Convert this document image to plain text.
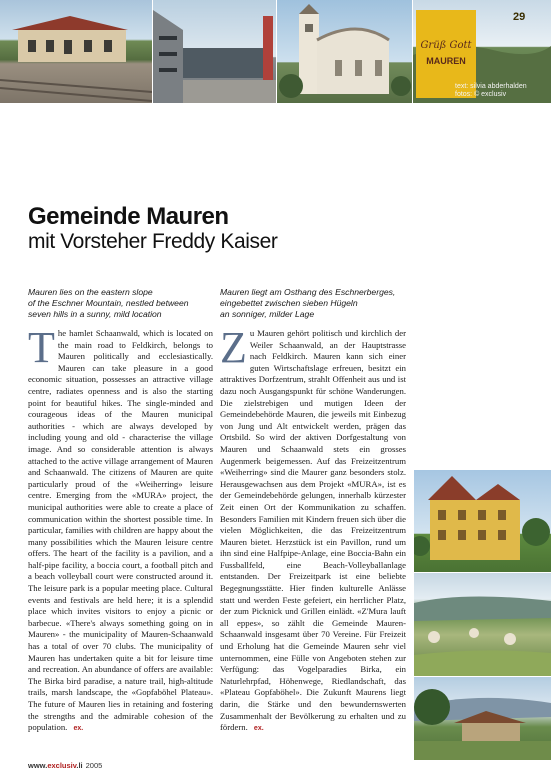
Grüß Gott
MAUREN
29
text: silvia abderhalden
fotos: © exclusiv
Gemeinde Mauren
mit Vorsteher Freddy Kaiser
Mauren lies on the eastern slope
of the Eschner Mountain, nestled between
seven hills in a sunny, mild location
Mauren liegt am Osthang des Eschnerberges,
eingebettet zwischen sieben Hügeln
an sonniger, milder Lage
T he hamlet Schaanwald, which is located on the main road to Feldkirch, belongs to Mauren politically and ecclesiastically. Mauren can take pleasure in a good economic situation, possesses an attractive village centre, radiates openness and is also the starting point for beautiful hikes. The single-minded and courageous ideas of the Mauren municipal authorities - which are always developed by including young and old - characterise the village image. And so considerable attention is always attached to the active village arrangement of Mauren and Schaanwald. The citizens of Mauren are quite particularly proud of the «Weiherring» leisure centre. Emerging from the «MURA» project, the municipal authorities were able to create a place of communication within the shortest possible time. In particular, families with children are happy about the many possibilities which the Mauren leisure centre offers. The heart of the facility is a pavilion, and a half-pipe facility, a boccia court, a football pitch and a beach volleyball court were constructed around it. The leisure park is a popular meeting place. Cultural events and festivals are held here; it is a splendid place which invites visitors to enjoy a picnic or barbecue. «There's always something going on in Mauren» - the municipality of Mauren-Schaanwald has a total of over 70 clubs. The municipality of Mauren has undertaken quite a bit for leisure time and recreation. An abundance of offers are available: The Birka bird paradise, a nature trail, high-altitude trails, marsh landscape, the «Gopfaböhel Plateau». The future of Mauren lies in retaining and fostering the strengths and the admirable cohesion of the population. ex.
Z u Mauren gehört politisch und kirchlich der Weiler Schaanwald, an der Hauptstrasse nach Feldkirch. Mauren kann sich einer guten Wirtschaftslage erfreuen, besitzt ein attraktives Dorfzentrum, strahlt Offenheit aus und ist dazu noch Ausgangspunkt für schöne Wanderungen. Die zielstrebigen und mutigen Ideen der Gemeindebehörde Mauren, die jeweils mit Einbezug von Jung und Alt entwickelt werden, prägen das Ortsbild. So wird der aktiven Dorfgestaltung von Mauren und Schaanwald stets ein grosses Augenmerk beigemessen. Auf das Freizeitzentrum «Weiherring» sind die Maurer ganz besonders stolz. Herausgewachsen aus dem Projekt «MURA», ist es der Gemeindebehörde gelungen, innerhalb kürzester Zeit einen Ort der Kommunikation zu schaffen. Besonders Familien mit Kindern freuen sich über die vielen Möglichkeiten, die das Freizeitzentrum Mauren bietet. Herzstück ist ein Pavillon, rund um ihn sind eine Halfpipe-Anlage, eine Boccia-Bahn ein Fussballfeld, eine Beach-Volleyballanlage entstanden. Der Freizeitpark ist eine beliebte Begegnungsstätte. Hier finden kulturelle Anlässe statt und werden Feste gefeiert, ein herrlicher Platz, der zum Picknick und Grillen einlädt. «Z'Mura lauft all eppes», so zählt die Gemeinde Mauren-Schaanwald insgesamt über 70 Vereine. Für Freizeit und Erholung hat die Gemeinde Mauren sehr viel unternommen, eine Fülle von Angeboten stehen zur Verfügung: das Vogelparadies Birka, ein Naturlehrpfad, Höhenwege, Riedlandschaft, das «Plateau Gopfaböhel». Die Zukunft Maurens liegt darin, die Stärke und den bewundernswerten Zusammenhalt der Bevölkerung zu erhalten und zu fördern. ex.
www.exclusiv.li 2005
